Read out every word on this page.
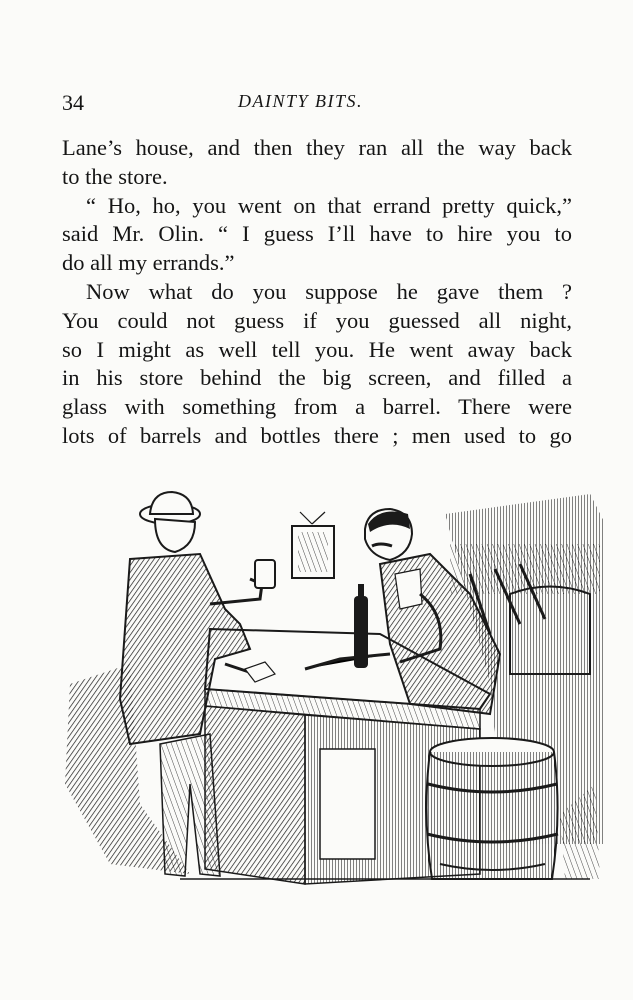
34	DAINTY BITS.

Lane’s house, and then they ran all the way back
to the store.

“ Ho, ho, you went on that errand pretty quick,”
said Mr. Olin. “ I guess I’ll have to hire you to
do all my errands.”

Now what do you suppose he gave them ?
You could not guess if you guessed all night,
so I might as well tell you. He went away back
in his store behind the big screen, and filled a
glass with something from a barrel. There were
lots of barrels and bottles there ; men used to go
